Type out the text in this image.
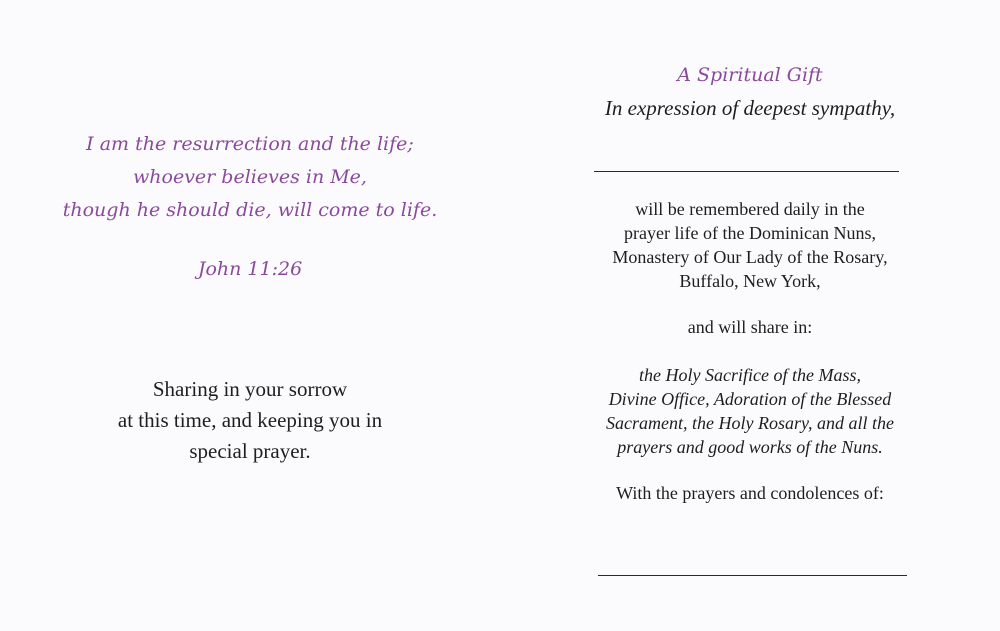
I am the resurrection and the life;
whoever believes in Me,
though he should die, will come to life.
John 11:26
Sharing in your sorrow
at this time, and keeping you in
special prayer.
A Spiritual Gift
In expression of deepest sympathy,
will be remembered daily in the
prayer life of the Dominican Nuns,
Monastery of Our Lady of the Rosary,
Buffalo, New York,
and will share in:
the Holy Sacrifice of the Mass,
Divine Office, Adoration of the Blessed
Sacrament, the Holy Rosary, and all the
prayers and good works of the Nuns.
With the prayers and condolences of:
